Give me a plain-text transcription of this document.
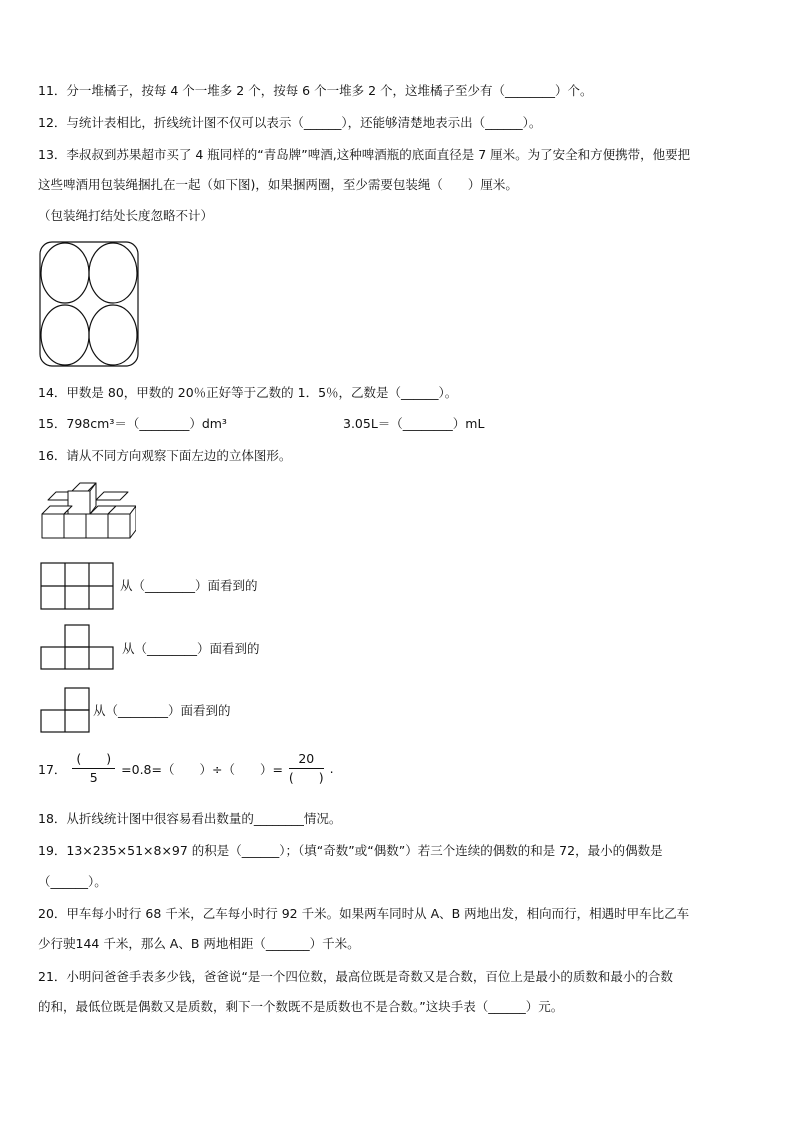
11．分一堆橘子，按每 4 个一堆多 2 个，按每 6 个一堆多 2 个，这堆橘子至少有（________）个。
12．与统计表相比，折线统计图不仅可以表示（______），还能够清楚地表示出（______）。
13．李叔叔到苏果超市买了 4 瓶同样的“青岛牌”啤酒,这种啤酒瓶的底面直径是 7 厘米。为了安全和方便携带，他要把
这些啤酒用包装绳捆扎在一起（如下图)，如果捆两圈，至少需要包装绳（　　）厘米。
（包装绳打结处长度忽略不计）
14．甲数是 80，甲数的 20％正好等于乙数的 1．5％，乙数是（______）。
15．798cm³＝（________）dm³	3.05L＝（________）mL
16．请从不同方向观察下面左边的立体图形。
从（________）面看到的
从（________）面看到的
从（________）面看到的
17． $\frac{( )}{5} =0.8=$（　　）÷（　　）= $\frac{20}{( )}$ .
18．从折线统计图中很容易看出数量的________情况。
19．13×235×51×8×97 的积是（______）；（填“奇数”或“偶数”）若三个连续的偶数的和是 72，最小的偶数是
（______）。
20．甲车每小时行 68 千米，乙车每小时行 92 千米。如果两车同时从 A、B 两地出发，相向而行，相遇时甲车比乙车
少行驶144 千米，那么 A、B 两地相距（_______）千米。
21．小明问爸爸手表多少钱，爸爸说“是一个四位数，最高位既是奇数又是合数，百位上是最小的质数和最小的合数
的和，最低位既是偶数又是质数，剩下一个数既不是质数也不是合数。”这块手表（______）元。
